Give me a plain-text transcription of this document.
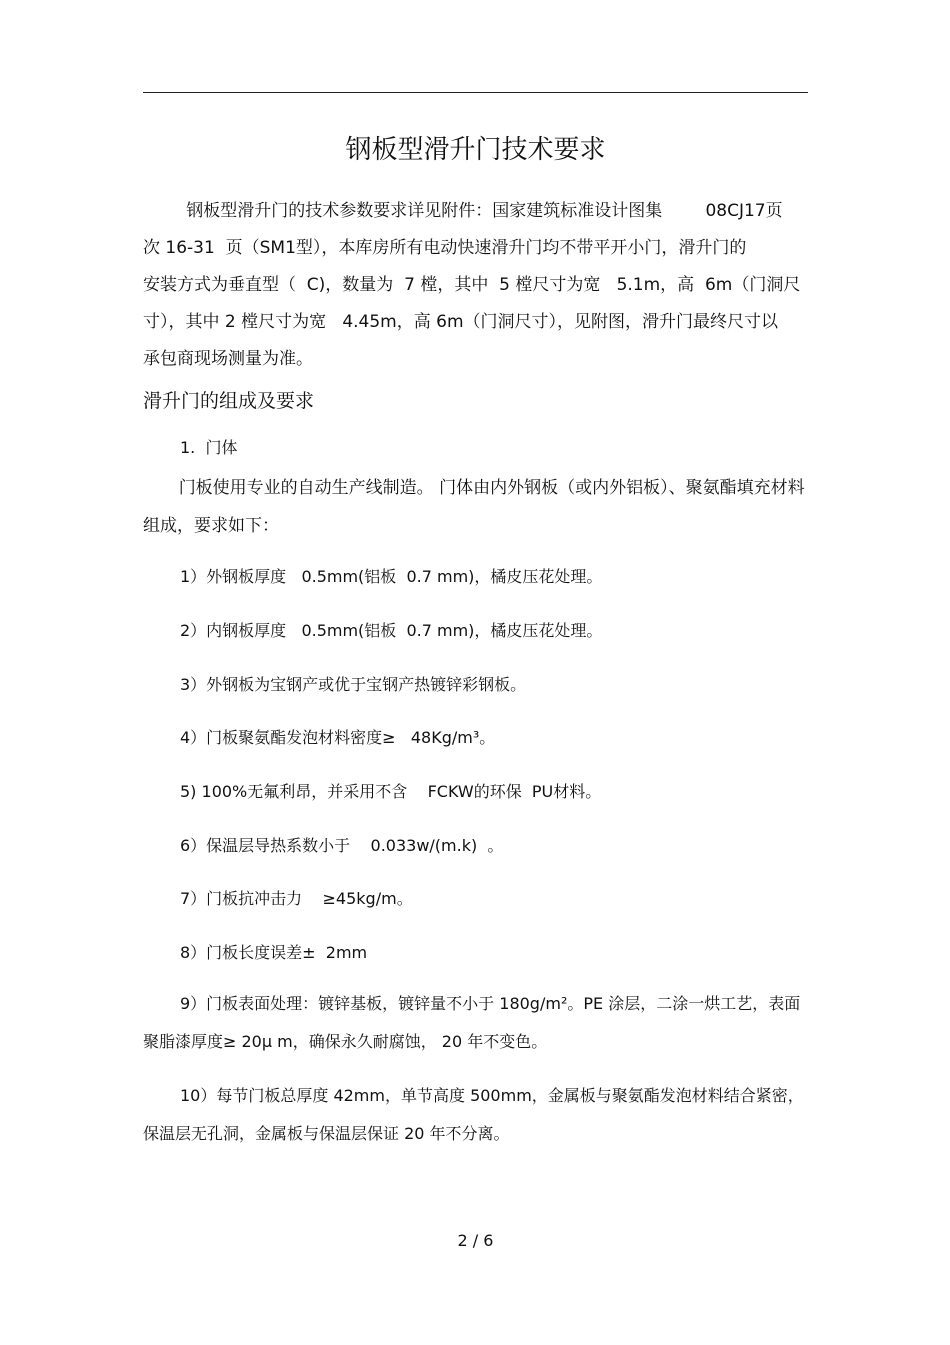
钢板型滑升门技术要求
钢板型滑升门的技术参数要求详见附件：国家建筑标准设计图集        08CJ17页
次 16-31  页（SM1型），本库房所有电动快速滑升门均不带平开小门，滑升门的
安装方式为垂直型（  C)，数量为  7 樘，其中  5 樘尺寸为宽   5.1m，高  6m（门洞尺
寸），其中 2 樘尺寸为宽   4.45m，高 6m（门洞尺寸），见附图，滑升门最终尺寸以
承包商现场测量为准。
滑升门的组成及要求
1.  门体

门板使用专业的自动生产线制造。 门体由内外钢板（或内外铝板）、聚氨酯填充材料组成，要求如下：

1）外钢板厚度   0.5mm(铝板  0.7 mm)，橘皮压花处理。
2）内钢板厚度   0.5mm(铝板  0.7 mm)，橘皮压花处理。
3）外钢板为宝钢产或优于宝钢产热镀锌彩钢板。
4）门板聚氨酯发泡材料密度≥   48Kg/m³。
5) 100%无氟利昂，并采用不含    FCKW的环保  PU材料。
6）保温层导热系数小于    0.033w/(m.k)  。
7）门板抗冲击力    ≥45kg/m。
8）门板长度误差±  2mm

9）门板表面处理：镀锌基板，镀锌量不小于 180g/m²。PE 涂层，二涂一烘工艺，表面聚脂漆厚度≥ 20μ m，确保永久耐腐蚀， 20 年不变色。

10）每节门板总厚度 42mm，单节高度 500mm，金属板与聚氨酯发泡材料结合紧密，保温层无孔洞，金属板与保温层保证 20 年不分离。

2 / 6
